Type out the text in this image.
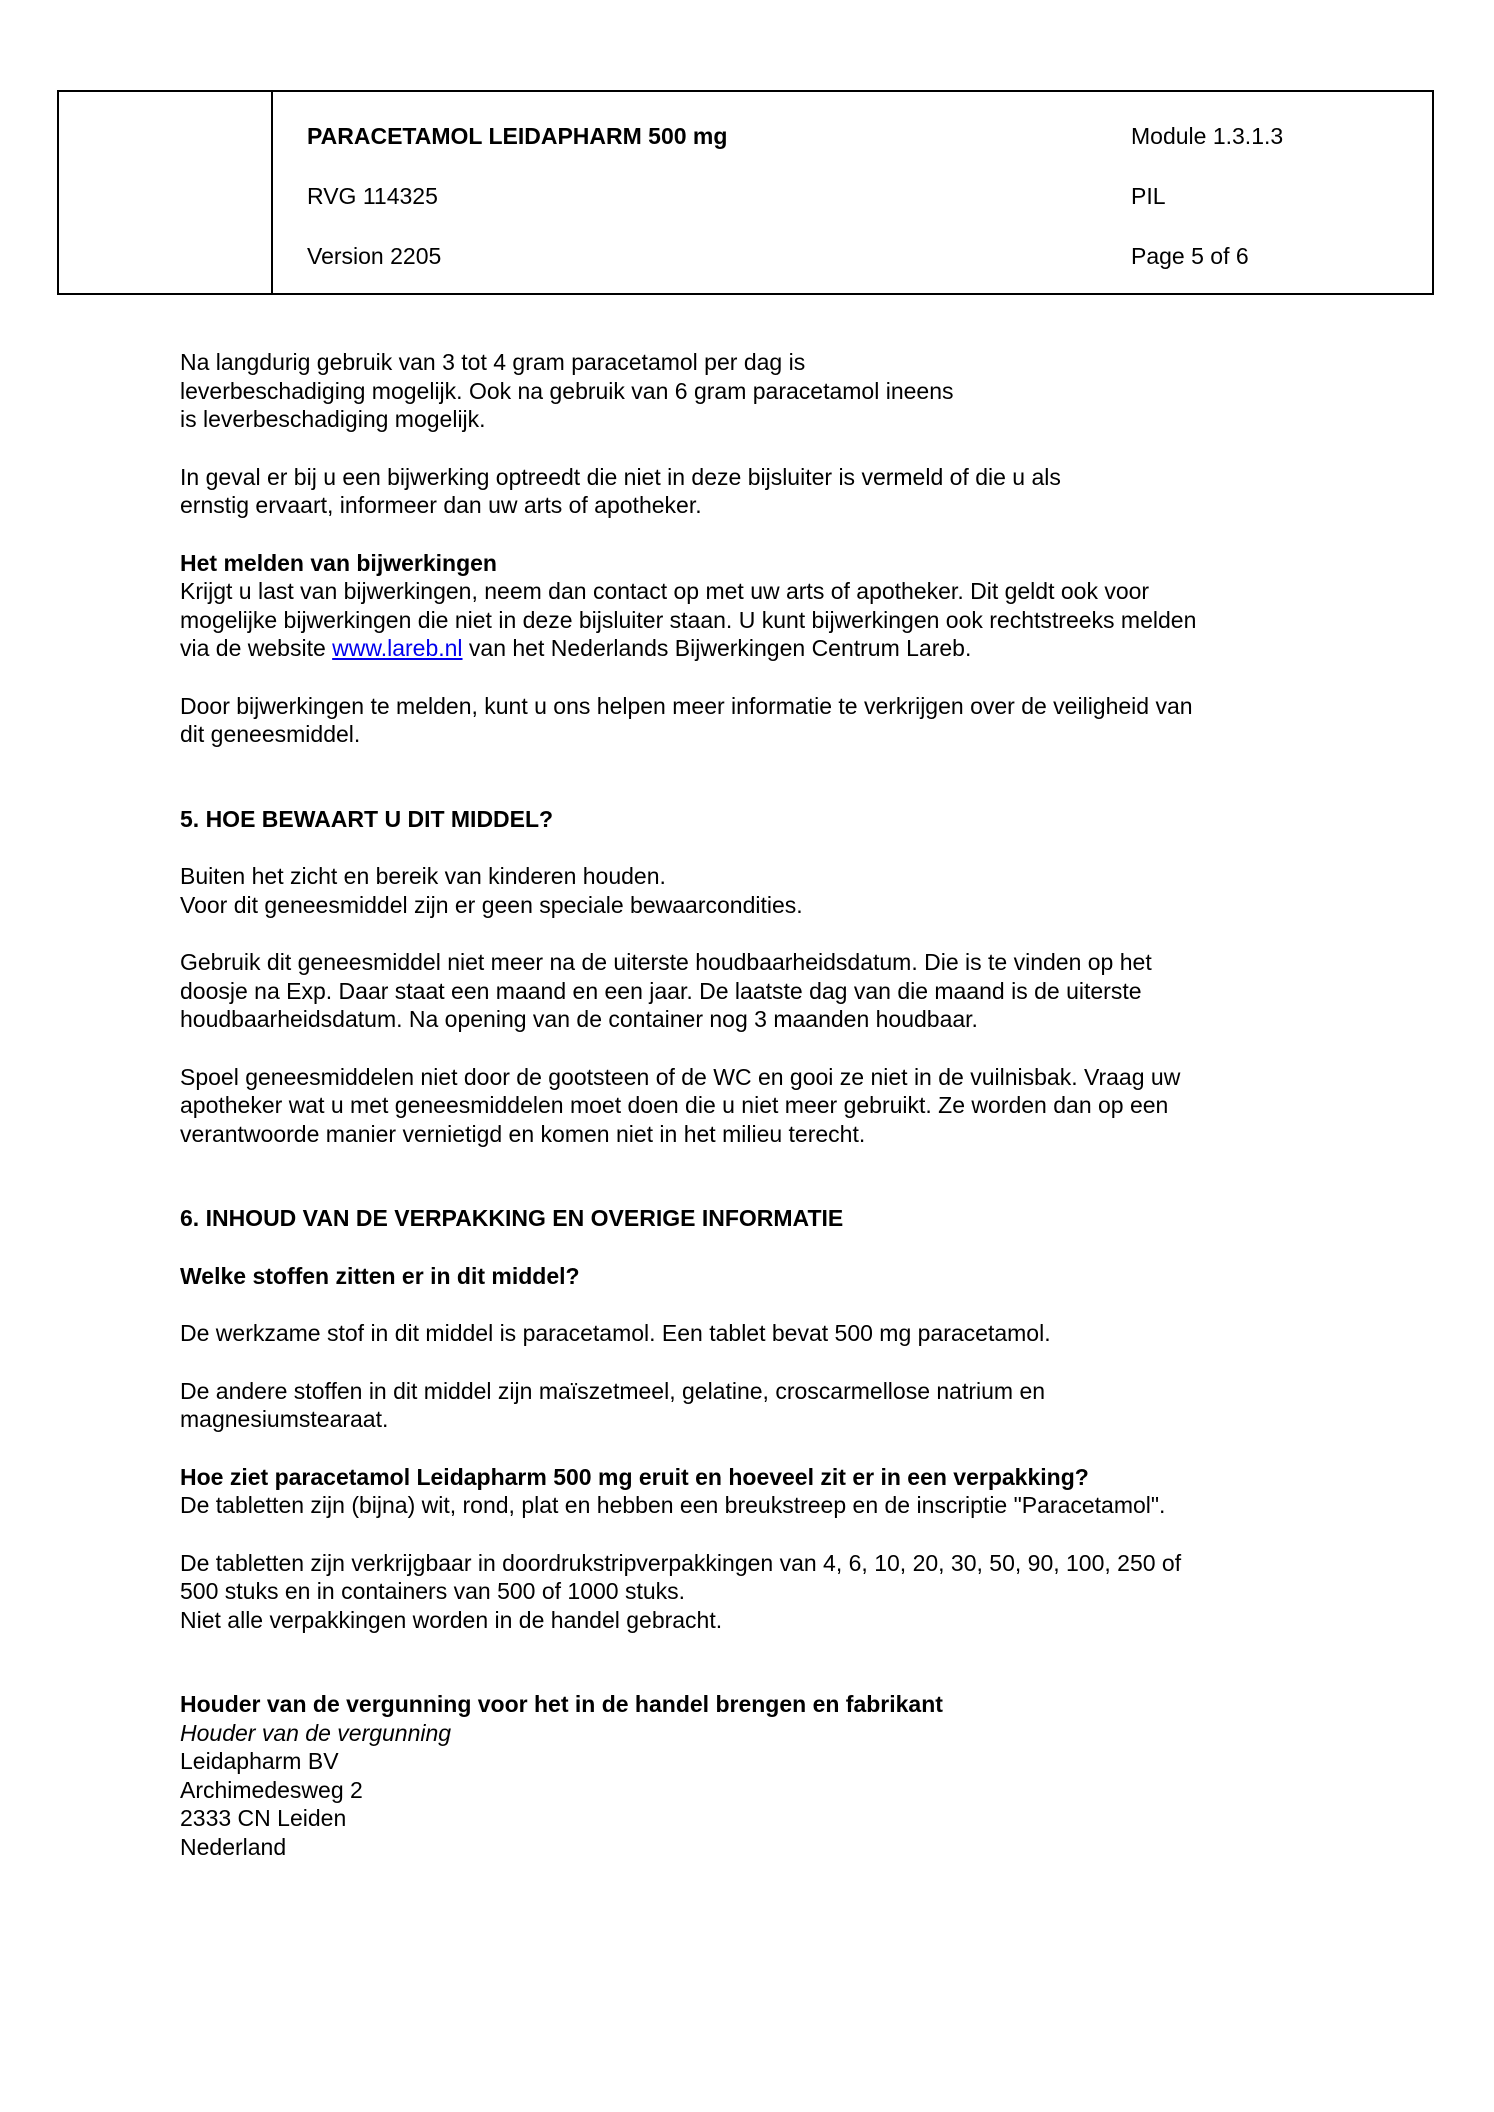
PARACETAMOL LEIDAPHARM 500 mg
RVG 114325
Version 2205
Module 1.3.1.3
PIL
Page 5 of 6

Na langdurig gebruik van 3 tot 4 gram paracetamol per dag is
leverbeschadiging mogelijk. Ook na gebruik van 6 gram paracetamol ineens
is leverbeschadiging mogelijk.

In geval er bij u een bijwerking optreedt die niet in deze bijsluiter is vermeld of die u als
ernstig ervaart, informeer dan uw arts of apotheker.

Het melden van bijwerkingen

Krijgt u last van bijwerkingen, neem dan contact op met uw arts of apotheker. Dit geldt ook voor
mogelijke bijwerkingen die niet in deze bijsluiter staan. U kunt bijwerkingen ook rechtstreeks melden
via de website www.lareb.nl van het Nederlands Bijwerkingen Centrum Lareb.

Door bijwerkingen te melden, kunt u ons helpen meer informatie te verkrijgen over de veiligheid van
dit geneesmiddel.

5. HOE BEWAART U DIT MIDDEL?

Buiten het zicht en bereik van kinderen houden.
Voor dit geneesmiddel zijn er geen speciale bewaarcondities.

Gebruik dit geneesmiddel niet meer na de uiterste houdbaarheidsdatum. Die is te vinden op het
doosje na Exp. Daar staat een maand en een jaar. De laatste dag van die maand is de uiterste
houdbaarheidsdatum. Na opening van de container nog 3 maanden houdbaar.

Spoel geneesmiddelen niet door de gootsteen of de WC en gooi ze niet in de vuilnisbak. Vraag uw
apotheker wat u met geneesmiddelen moet doen die u niet meer gebruikt. Ze worden dan op een
verantwoorde manier vernietigd en komen niet in het milieu terecht.

6. INHOUD VAN DE VERPAKKING EN OVERIGE INFORMATIE

Welke stoffen zitten er in dit middel?

De werkzame stof in dit middel is paracetamol. Een tablet bevat 500 mg paracetamol.

De andere stoffen in dit middel zijn maïszetmeel, gelatine, croscarmellose natrium en
magnesiumstearaat.

Hoe ziet paracetamol Leidapharm 500 mg eruit en hoeveel zit er in een verpakking?

De tabletten zijn (bijna) wit, rond, plat en hebben een breukstreep en de inscriptie "Paracetamol".

De tabletten zijn verkrijgbaar in doordrukstripverpakkingen van 4, 6, 10, 20, 30, 50, 90, 100, 250 of
500 stuks en in containers van 500 of 1000 stuks.
Niet alle verpakkingen worden in de handel gebracht.

Houder van de vergunning voor het in de handel brengen en fabrikant

Houder van de vergunning

Leidapharm BV
Archimedesweg 2
2333 CN Leiden
Nederland
